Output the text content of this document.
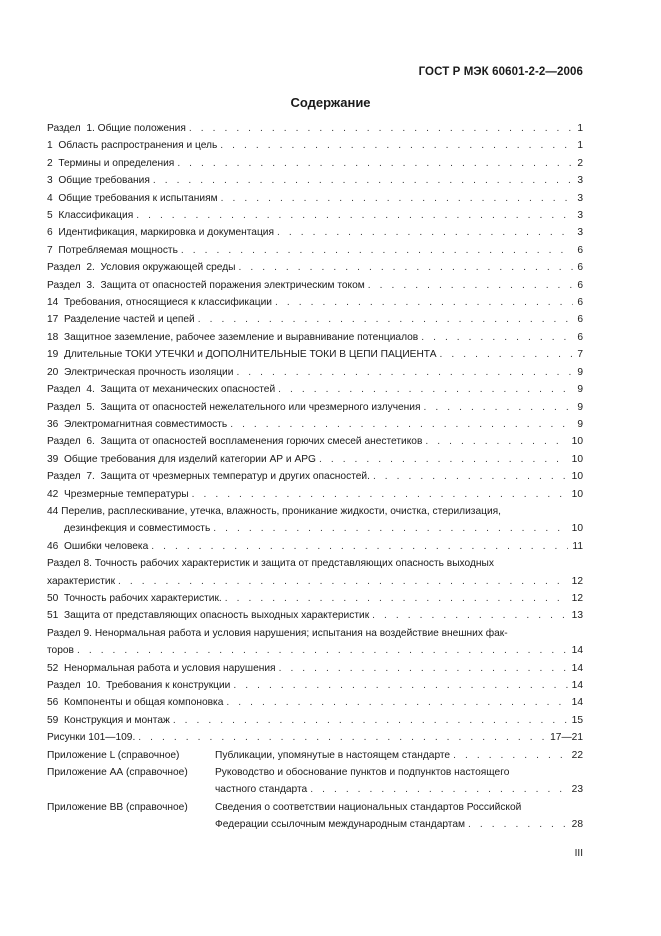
ГОСТ Р МЭК 60601-2-2—2006
Содержание
Раздел  1. Общие положения . . .	1
1  Область распространения и цель . . .	1
2  Термины и определения . . .	2
3  Общие требования . . .	3
4  Общие требования к испытаниям . . .	3
5  Классификация . . .	3
6  Идентификация, маркировка и документация . . .	3
7  Потребляемая мощность . . .	6
Раздел  2.  Условия окружающей среды . . .	6
Раздел  3.  Защита от опасностей поражения электрическим током . . .	6
14  Требования, относящиеся к классификации . . .	6
17  Разделение частей и цепей . . .	6
18  Защитное заземление, рабочее заземление и выравнивание потенциалов . . .	6
19  Длительные ТОКИ УТЕЧКИ и ДОПОЛНИТЕЛЬНЫЕ ТОКИ В ЦЕПИ ПАЦИЕНТА . . .	7
20  Электрическая прочность изоляции . . .	9
Раздел  4.  Защита от механических опасностей . . .	9
Раздел  5.  Защита от опасностей нежелательного или чрезмерного излучения . . .	9
36  Электромагнитная совместимость . . .	9
Раздел  6.  Защита от опасностей воспламенения горючих смесей анестетиков . . .	10
39  Общие требования для изделий категории АР и APG . . .	10
Раздел  7.  Защита от чрезмерных температур и других опасностей. . . .	10
42  Чрезмерные температуры . . .	10
44 Перелив, расплескивание, утечка, влажность, проникание жидкости, очистка, стерилизация,
дезинфекция и совместимость . . .	10
46  Ошибки человека . . .	11
Раздел 8. Точность рабочих характеристик и защита от представляющих опасность выходных
характеристик . . .	12
50  Точность рабочих характеристик. . . .	12
51  Защита от представляющих опасность выходных характеристик . . .	13
Раздел 9. Ненормальная работа и условия нарушения; испытания на воздействие внешних фак-
торов . . .	14
52  Ненормальная работа и условия нарушения . . .	14
Раздел  10.  Требования к конструкции . . .	14
56  Компоненты и общая компоновка . . .	14
59  Конструкция и монтаж . . .	15
Рисунки 101—109. . . .	17—21
Приложение L (справочное)	Публикации, упомянутые в настоящем стандарте . . .	22
Приложение АА (справочное)	Руководство и обоснование пунктов и подпунктов настоящего
частного стандарта . . .	23
Приложение ВВ (справочное)	Сведения о соответствии национальных стандартов Российской
Федерации ссылочным международным стандартам . . .	28
III
